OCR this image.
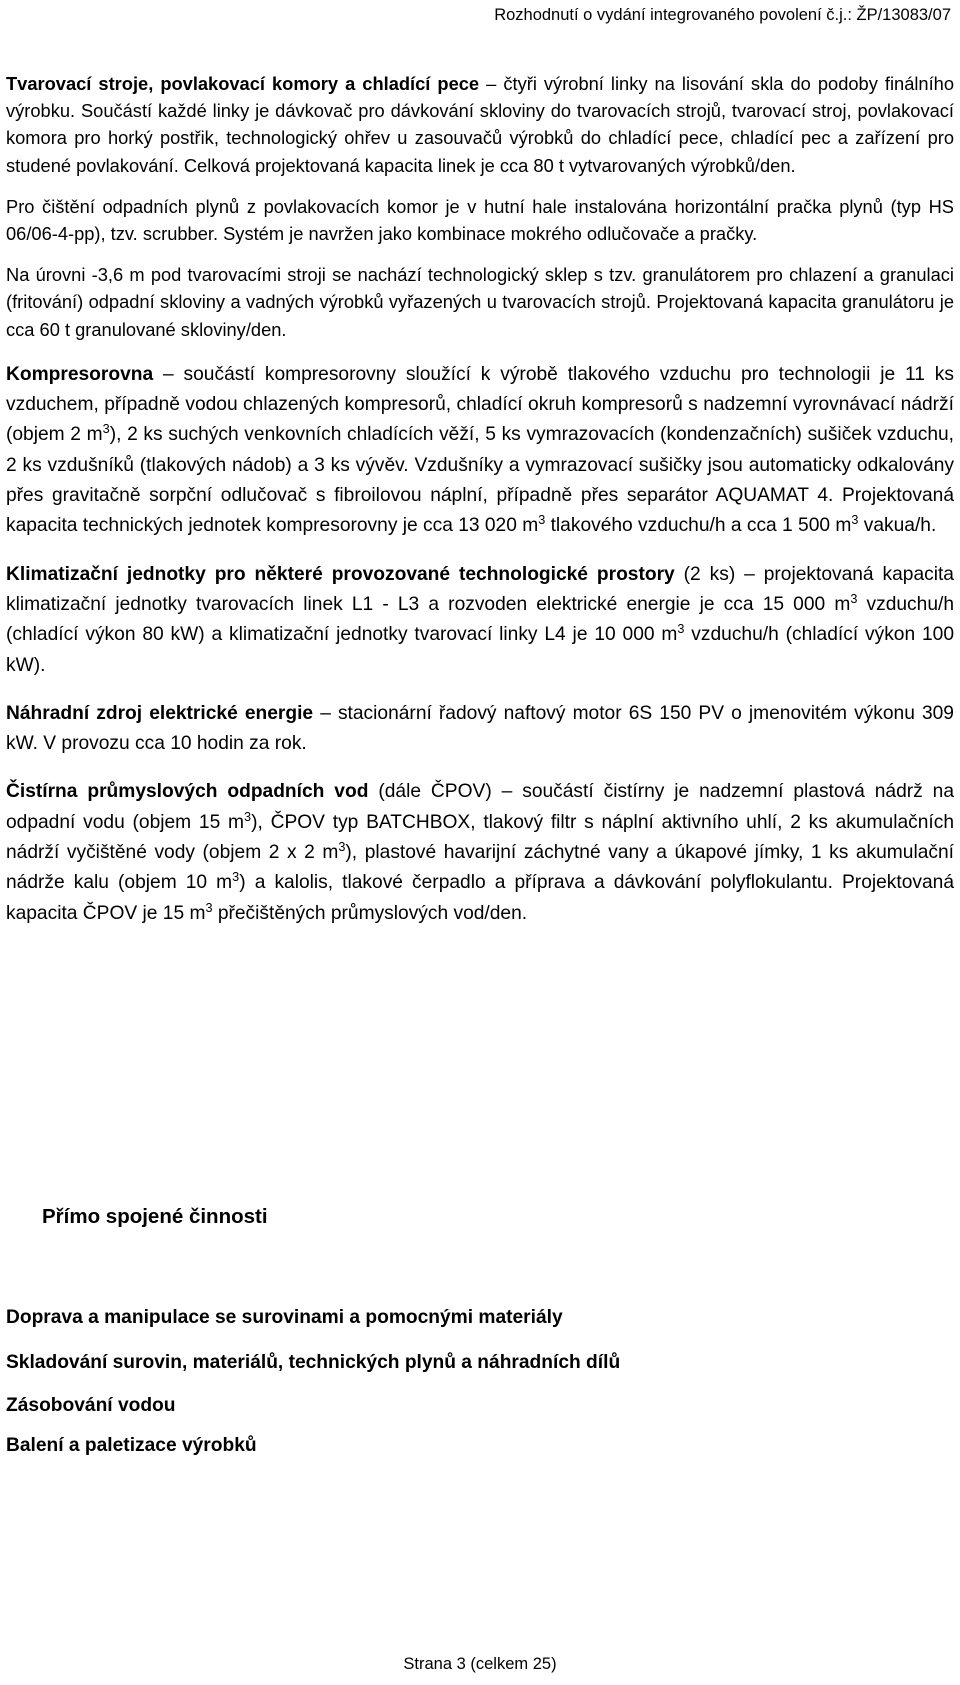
Rozhodnutí o vydání integrovaného povolení č.j.: ŽP/13083/07

Tvarovací stroje, povlakovací komory a chladící pece – čtyři výrobní linky na lisování skla do podoby finálního výrobku. Součástí každé linky je dávkovač pro dávkování skloviny do tvarovacích strojů, tvarovací stroj, povlakovací komora pro horký postřik, technologický ohřev u zasouvačů výrobků do chladící pece, chladící pec a zařízení pro studené povlakování. Celková projektovaná kapacita linek je cca 80 t vytvarovaných výrobků/den.

Pro čištění odpadních plynů z povlakovacích komor je v hutní hale instalována horizontální pračka plynů (typ HS 06/06-4-pp), tzv. scrubber. Systém je navržen jako kombinace mokrého odlučovače a pračky.

Na úrovni -3,6 m pod tvarovacími stroji se nachází technologický sklep s tzv. granulátorem pro chlazení a granulaci (fritování) odpadní skloviny a vadných výrobků vyřazených u tvarovacích strojů. Projektovaná kapacita granulátoru je cca 60 t granulované skloviny/den.

Kompresorovna – součástí kompresorovny sloužící k výrobě tlakového vzduchu pro technologii je 11 ks vzduchem, případně vodou chlazených kompresorů, chladící okruh kompresorů s nadzemní vyrovnávací nádrží (objem 2 $m^3$), 2 ks suchých venkovních chladících věží, 5 ks vymrazovacích (kondenzačních) sušiček vzduchu, 2 ks vzdušníků (tlakových nádob) a 3 ks vývěv. Vzdušníky a vymrazovací sušičky jsou automaticky odkalovány přes gravitačně sorpční odlučovač s fibroilovou náplní, případně přes separátor AQUAMAT 4. Projektovaná kapacita technických jednotek kompresorovny je cca 13 020 $m^3$ tlakového vzduchu/h a cca 1 500 $m^3$ vakua/h.

Klimatizační jednotky pro některé provozované technologické prostory (2 ks) – projektovaná kapacita klimatizační jednotky tvarovacích linek L1 - L3 a rozvoden elektrické energie je cca 15 000 $m^3$ vzduchu/h (chladící výkon 80 kW) a klimatizační jednotky tvarovací linky L4 je 10 000 $m^3$ vzduchu/h (chladící výkon 100 kW).

Náhradní zdroj elektrické energie – stacionární řadový naftový motor 6S 150 PV o jmenovitém výkonu 309 kW. V provozu cca 10 hodin za rok.

Čistírna průmyslových odpadních vod (dále ČPOV) – součástí čistírny je nadzemní plastová nádrž na odpadní vodu (objem 15 $m^3$), ČPOV typ BATCHBOX, tlakový filtr s náplní aktivního uhlí, 2 ks akumulačních nádrží vyčištěné vody (objem 2 x 2 $m^3$), plastové havarijní záchytné vany a úkapové jímky, 1 ks akumulační nádrže kalu (objem 10 $m^3$) a kalolis, tlakové čerpadlo a příprava a dávkování polyflokulantu. Projektovaná kapacita ČPOV je 15 $m^3$ přečištěných průmyslových vod/den.

Přímo spojené činnosti
Doprava a manipulace se surovinami a pomocnými materiály
Skladování surovin, materiálů, technických plynů a náhradních dílů
Zásobování vodou
Balení a paletizace výrobků
Strana 3 (celkem 25)
